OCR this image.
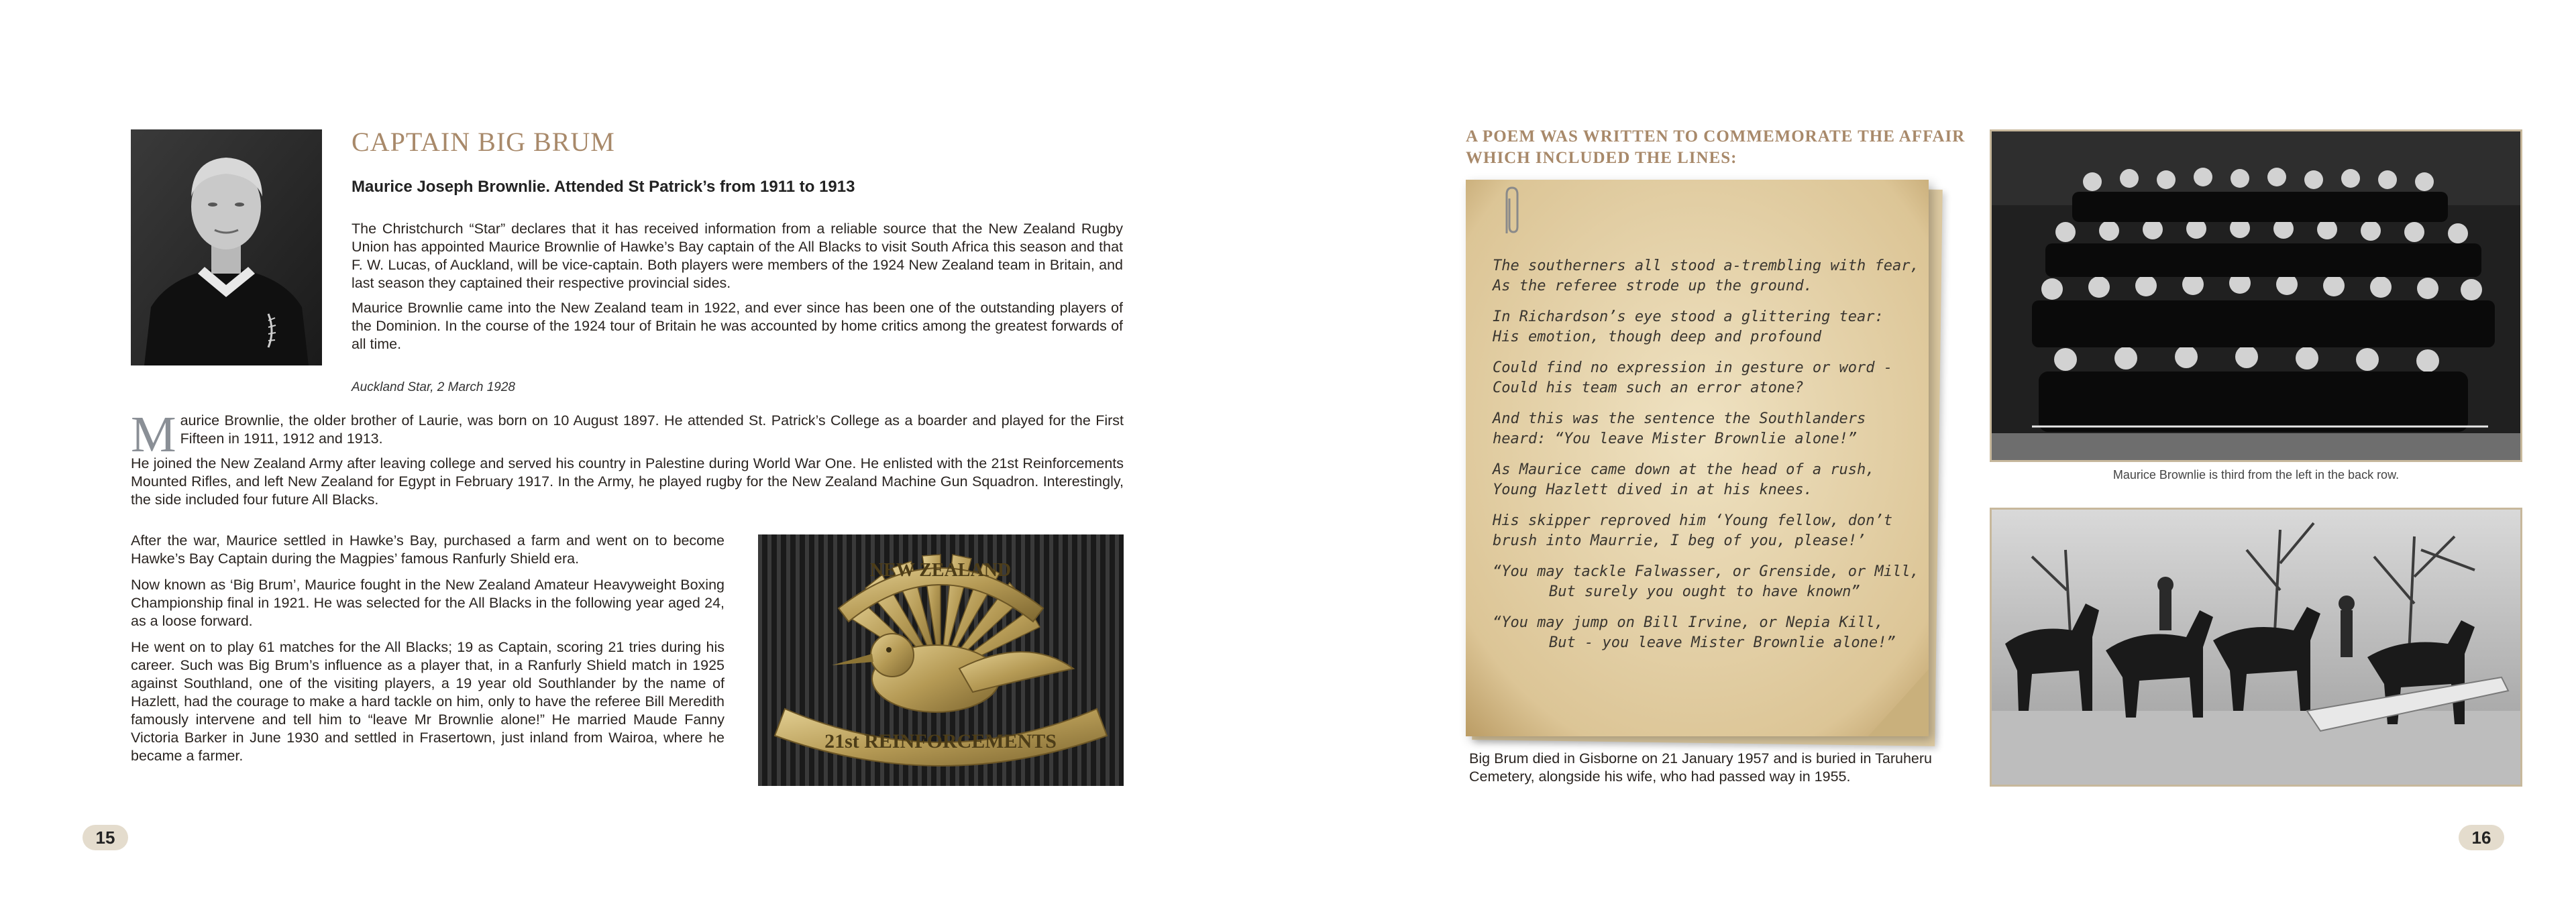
CAPTAIN BIG BRUM
Maurice Joseph Brownlie. Attended St Patrick’s from 1911 to 1913

The Christchurch “Star” declares that it has received information from a reliable source that the New Zealand Rugby Union has appointed Maurice Brownlie of Hawke’s Bay captain of the All Blacks to visit South Africa this season and that F. W. Lucas, of Auckland, will be vice-captain. Both players were members of the 1924 New Zealand team in Britain, and last season they captained their respective provincial sides.

Maurice Brownlie came into the New Zealand team in 1922, and ever since has been one of the outstanding players of the Dominion. In the course of the 1924 tour of Britain he was accounted by home critics among the greatest forwards of all time.

Auckland Star, 2 March 1928

Maurice Brownlie, the older brother of Laurie, was born on 10 August 1897. He attended St. Patrick’s College as a boarder and played for the First Fifteen in 1911, 1912 and 1913.

He joined the New Zealand Army after leaving college and served his country in Palestine during World War One. He enlisted with the 21st Reinforcements Mounted Rifles, and left New Zealand for Egypt in February 1917. In the Army, he played rugby for the New Zealand Machine Gun Squadron. Interestingly, the side included four future All Blacks.

After the war, Maurice settled in Hawke’s Bay, purchased a farm and went on to become Hawke’s Bay Captain during the Magpies’ famous Ranfurly Shield era.

Now known as ‘Big Brum’, Maurice fought in the New Zealand Amateur Heavyweight Boxing Championship final in 1921. He was selected for the All Blacks in the following year aged 24, as a loose forward.

He went on to play 61 matches for the All Blacks; 19 as Captain, scoring 21 tries during his career. Such was Big Brum’s influence as a player that, in a Ranfurly Shield match in 1925 against Southland, one of the visiting players, a 19 year old Southlander by the name of Hazlett, had the courage to make a hard tackle on him, only to have the referee Bill Meredith famously intervene and tell him to “leave Mr Brownlie alone!” He married Maude Fanny Victoria Barker in June 1930 and settled in Frasertown, just inland from Wairoa, where he became a farmer.

NEW ZEALAND
21st REINFORCEMENTS
15
A POEM WAS WRITTEN TO COMMEMORATE THE AFFAIR WHICH INCLUDED THE LINES:
The southerners all stood a-trembling with fear,
As the referee strode up the ground.
In Richardson’s eye stood a glittering tear:
His emotion, though deep and profound
Could find no expression in gesture or word -
Could his team such an error atone?
And this was the sentence the Southlanders
heard: “You leave Mister Brownlie alone!”
As Maurice came down at the head of a rush,
Young Hazlett dived in at his knees.
His skipper reproved him ‘Young fellow, don’t
brush into Maurrie, I beg of you, please!’
“You may tackle Falwasser, or Grenside, or Mill,
But surely you ought to have known”
“You may jump on Bill Irvine, or Nepia Kill,
But - you leave Mister Brownlie alone!”
Big Brum died in Gisborne on 21 January 1957 and is buried in Taruheru Cemetery, alongside his wife, who had passed way in 1955.
Maurice Brownlie is third from the left in the back row.
16
